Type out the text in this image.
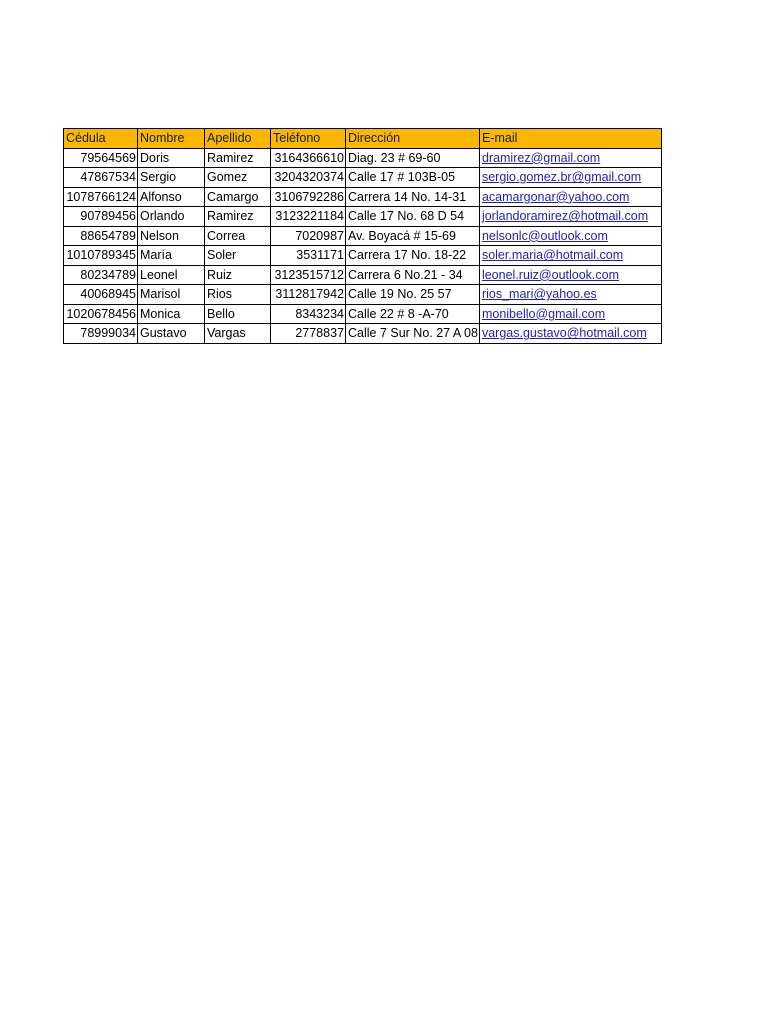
Cédula	Nombre	Apellido	Teléfono	Dirección	E-mail
79564569	Doris	Ramirez	3164366610	Diag. 23 # 69-60	dramirez@gmail.com
47867534	Sergio	Gomez	3204320374	Calle 17 # 103B-05	sergio.gomez.br@gmail.com
1078766124	Alfonso	Camargo	3106792286	Carrera 14 No. 14-31	acamargonar@yahoo.com
90789456	Orlando	Ramirez	3123221184	Calle 17 No. 68 D 54	jorlandoramirez@hotmail.com
88654789	Nelson	Correa	7020987	Av. Boyacá # 15-69	nelsonlc@outlook.com
1010789345	María	Soler	3531171	Carrera 17 No. 18-22	soler.maria@hotmail.com
80234789	Leonel	Ruiz	3123515712	Carrera 6 No.21 - 34	leonel.ruiz@outlook.com
40068945	Marisol	Rios	3112817942	Calle 19 No. 25 57	rios_mari@yahoo.es
1020678456	Monica	Bello	8343234	Calle 22 # 8 -A-70	monibello@gmail.com
78999034	Gustavo	Vargas	2778837	Calle 7 Sur No. 27 A 08	vargas.gustavo@hotmail.com
